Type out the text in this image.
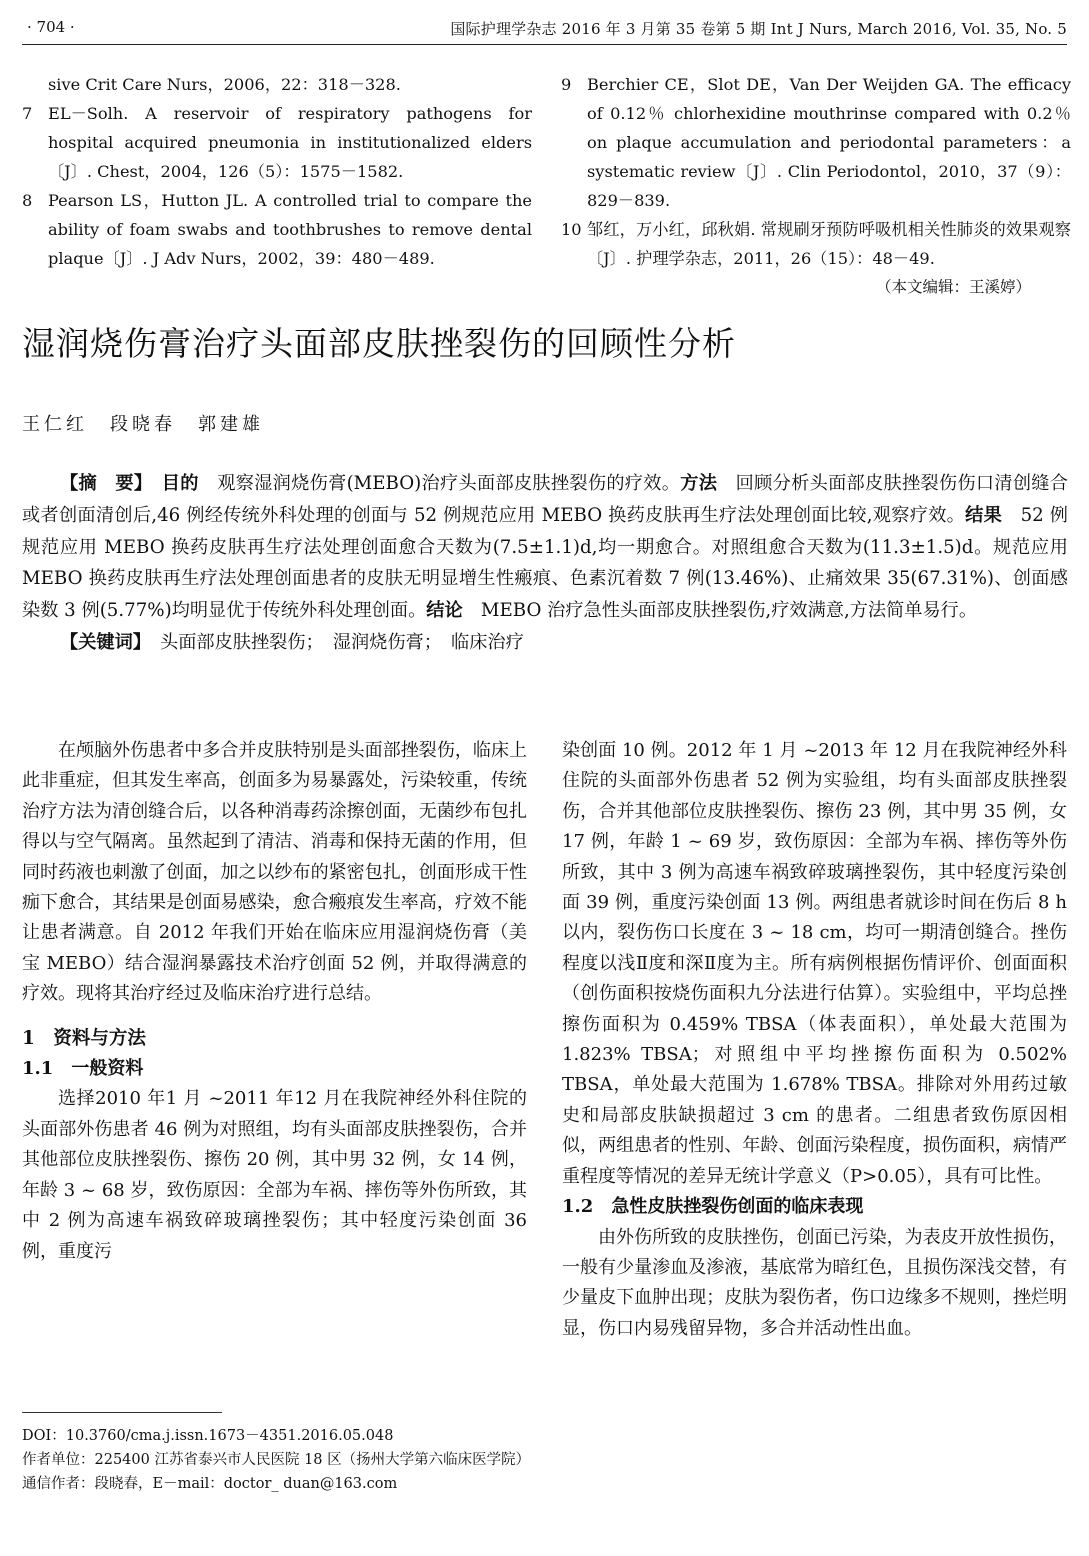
· 704 ·	国际护理学杂志 2016 年 3 月第 35 卷第 5 期 Int J Nurs, March 2016, Vol. 35, No. 5
sive Crit Care Nurs，2006，22：318－328.
7 EL－Solh. A reservoir of respiratory pathogens for hospital acquired pneumonia in institutionalized elders〔J〕. Chest，2004，126（5）：1575－1582.
8 Pearson LS，Hutton JL. A controlled trial to compare the ability of foam swabs and toothbrushes to remove dental plaque〔J〕. J Adv Nurs，2002，39：480－489.
9 Berchier CE，Slot DE，Van Der Weijden GA. The efficacy of 0.12％ chlorhexidine mouthrinse compared with 0.2％ on plaque accumulation and periodontal parameters：a systematic review〔J〕. Clin Periodontol，2010，37（9）：829－839.
10 邹红，万小红，邱秋娟. 常规刷牙预防呼吸机相关性肺炎的效果观察〔J〕. 护理学杂志，2011，26（15）：48－49.
（本文编辑：王溪婷）
湿润烧伤膏治疗头面部皮肤挫裂伤的回顾性分析
王仁红　段晓春　郭建雄

【摘　要】　 目的　观察湿润烧伤膏(MEBO)治疗头面部皮肤挫裂伤的疗效。方法　回顾分析头面部皮肤挫裂伤伤口清创缝合或者创面清创后,46 例经传统外科处理的创面与 52 例规范应用 MEBO 换药皮肤再生疗法处理创面比较,观察疗效。结果　52 例规范应用 MEBO 换药皮肤再生疗法处理创面愈合天数为(7.5±1.1)d,均一期愈合。对照组愈合天数为(11.3±1.5)d。规范应用 MEBO 换药皮肤再生疗法处理创面患者的皮肤无明显增生性瘢痕、色素沉着数 7 例(13.46%)、止痛效果 35(67.31%)、创面感染数 3 例(5.77%)均明显优于传统外科处理创面。结论　MEBO 治疗急性头面部皮肤挫裂伤,疗效满意,方法简单易行。

【关键词】　头面部皮肤挫裂伤；　湿润烧伤膏；　临床治疗

在颅脑外伤患者中多合并皮肤特别是头面部挫裂伤，临床上此非重症，但其发生率高，创面多为易暴露处，污染较重，传统治疗方法为清创缝合后，以各种消毒药涂擦创面，无菌纱布包扎得以与空气隔离。虽然起到了清洁、消毒和保持无菌的作用，但同时药液也刺激了创面，加之以纱布的紧密包扎，创面形成干性痂下愈合，其结果是创面易感染，愈合瘢痕发生率高，疗效不能让患者满意。自 2012 年我们开始在临床应用湿润烧伤膏（美宝 MEBO）结合湿润暴露技术治疗创面 52 例，并取得满意的疗效。现将其治疗经过及临床治疗进行总结。

1　资料与方法
1.1　一般资料

选择2010 年1 月 ~2011 年12 月在我院神经外科住院的头面部外伤患者 46 例为对照组，均有头面部皮肤挫裂伤，合并其他部位皮肤挫裂伤、擦伤 20 例，其中男 32 例，女 14 例，年龄 3 ~ 68 岁，致伤原因：全部为车祸、摔伤等外伤所致，其中 2 例为高速车祸致碎玻璃挫裂伤；其中轻度污染创面 36 例，重度污

染创面 10 例。2012 年 1 月 ~2013 年 12 月在我院神经外科住院的头面部外伤患者 52 例为实验组，均有头面部皮肤挫裂伤，合并其他部位皮肤挫裂伤、擦伤 23 例，其中男 35 例，女 17 例，年龄 1 ~ 69 岁，致伤原因：全部为车祸、摔伤等外伤所致，其中 3 例为高速车祸致碎玻璃挫裂伤，其中轻度污染创面 39 例，重度污染创面 13 例。两组患者就诊时间在伤后 8 h 以内，裂伤伤口长度在 3 ~ 18 cm，均可一期清创缝合。挫伤程度以浅Ⅱ度和深Ⅱ度为主。所有病例根据伤情评价、创面面积（创伤面积按烧伤面积九分法进行估算）。实验组中，平均总挫擦伤面积为 0.459% TBSA（体表面积），单处最大范围为 1.823% TBSA；对照组中平均挫擦伤面积为 0.502% TBSA，单处最大范围为 1.678% TBSA。排除对外用药过敏史和局部皮肤缺损超过 3 cm 的患者。二组患者致伤原因相似，两组患者的性别、年龄、创面污染程度，损伤面积，病情严重程度等情况的差异无统计学意义（P>0.05），具有可比性。

1.2　急性皮肤挫裂伤创面的临床表现

由外伤所致的皮肤挫伤，创面已污染，为表皮开放性损伤，一般有少量渗血及渗液，基底常为暗红色，且损伤深浅交替，有少量皮下血肿出现；皮肤为裂伤者，伤口边缘多不规则，挫烂明显，伤口内易残留异物，多合并活动性出血。

DOI：10.3760/cma.j.issn.1673－4351.2016.05.048
作者单位：225400 江苏省泰兴市人民医院 18 区（扬州大学第六临床医学院）
通信作者：段晓春，E－mail：doctor_ duan@163.com
